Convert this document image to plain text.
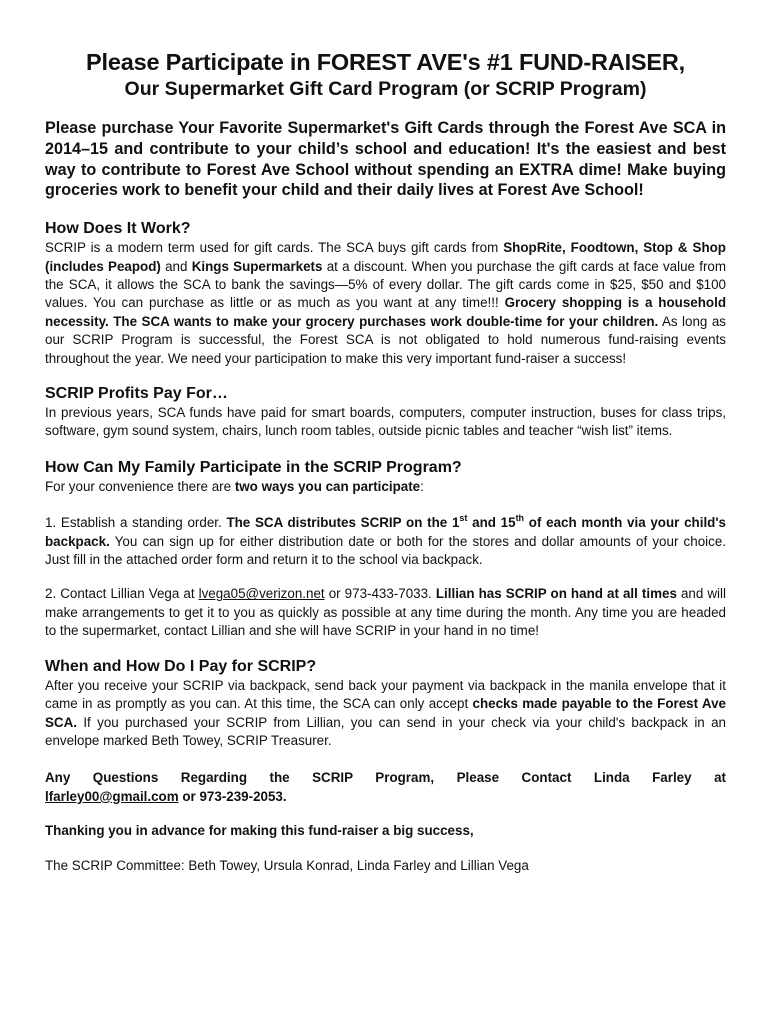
Please Participate in FOREST AVE's #1 FUND-RAISER,
Our Supermarket Gift Card Program (or SCRIP Program)
Please purchase Your Favorite Supermarket's Gift Cards through the Forest Ave SCA in 2014–15 and contribute to your child’s school and education! It's the easiest and best way to contribute to Forest Ave School without spending an EXTRA dime! Make buying groceries work to benefit your child and their daily lives at Forest Ave School!
How Does It Work?

SCRIP is a modern term used for gift cards. The SCA buys gift cards from ShopRite, Foodtown, Stop & Shop (includes Peapod) and Kings Supermarkets at a discount. When you purchase the gift cards at face value from the SCA, it allows the SCA to bank the savings—5% of every dollar. The gift cards come in $25, $50 and $100 values. You can purchase as little or as much as you want at any time!!! Grocery shopping is a household necessity. The SCA wants to make your grocery purchases work double-time for your children. As long as our SCRIP Program is successful, the Forest SCA is not obligated to hold numerous fund-raising events throughout the year. We need your participation to make this very important fund-raiser a success!

SCRIP Profits Pay For…

In previous years, SCA funds have paid for smart boards, computers, computer instruction, buses for class trips, software, gym sound system, chairs, lunch room tables, outside picnic tables and teacher “wish list” items.

How Can My Family Participate in the SCRIP Program?

For your convenience there are two ways you can participate:

1. Establish a standing order. The SCA distributes SCRIP on the 1st and 15th of each month via your child's backpack. You can sign up for either distribution date or both for the stores and dollar amounts of your choice. Just fill in the attached order form and return it to the school via backpack.

2. Contact Lillian Vega at lvega05@verizon.net or 973-433-7033. Lillian has SCRIP on hand at all times and will make arrangements to get it to you as quickly as possible at any time during the month. Any time you are headed to the supermarket, contact Lillian and she will have SCRIP in your hand in no time!

When and How Do I Pay for SCRIP?

After you receive your SCRIP via backpack, send back your payment via backpack in the manila envelope that it came in as promptly as you can. At this time, the SCA can only accept checks made payable to the Forest Ave SCA. If you purchased your SCRIP from Lillian, you can send in your check via your child's backpack in an envelope marked Beth Towey, SCRIP Treasurer.

Any Questions Regarding the SCRIP Program, Please Contact Linda Farley at
lfarley00@gmail.com or 973-239-2053.

Thanking you in advance for making this fund-raiser a big success,

The SCRIP Committee: Beth Towey, Ursula Konrad, Linda Farley and Lillian Vega
